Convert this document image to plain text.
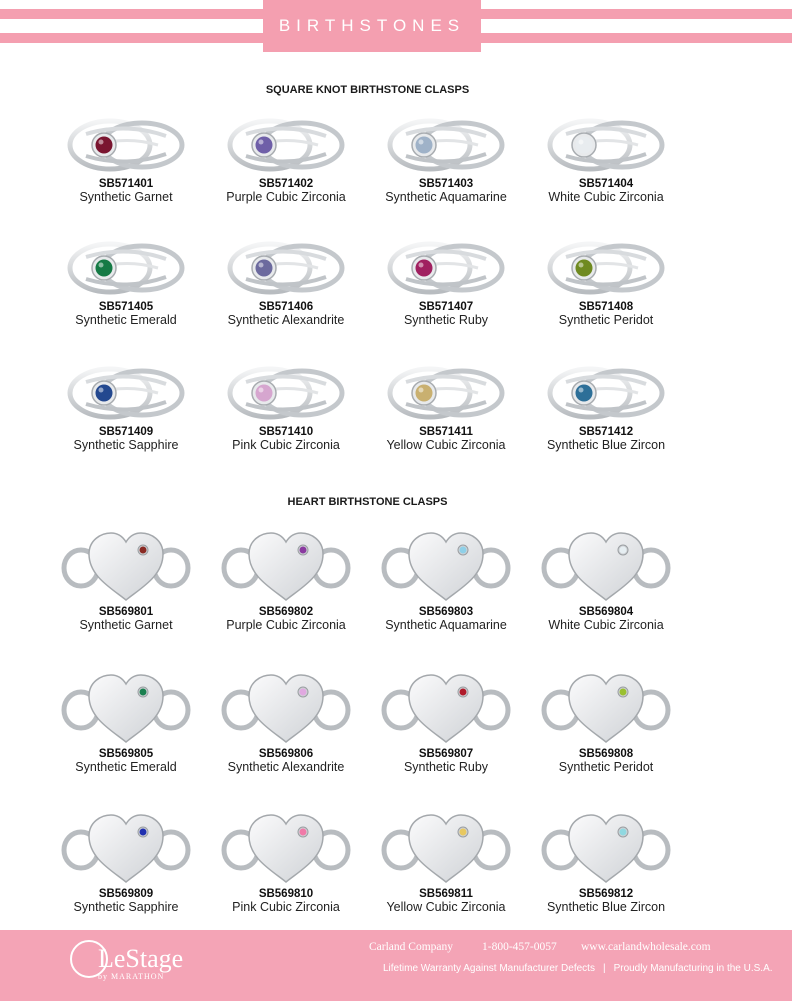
BIRTHSTONES
SQUARE KNOT BIRTHSTONE CLASPS
HEART BIRTHSTONE CLASPS
SB571401
Synthetic Garnet
SB571402
Purple Cubic Zirconia
SB571403
Synthetic Aquamarine
SB571404
White Cubic Zirconia
SB571405
Synthetic Emerald
SB571406
Synthetic Alexandrite
SB571407
Synthetic Ruby
SB571408
Synthetic Peridot
SB571409
Synthetic Sapphire
SB571410
Pink Cubic Zirconia
SB571411
Yellow Cubic Zirconia
SB571412
Synthetic Blue Zircon
SB569801
Synthetic Garnet
SB569802
Purple Cubic Zirconia
SB569803
Synthetic Aquamarine
SB569804
White Cubic Zirconia
SB569805
Synthetic Emerald
SB569806
Synthetic Alexandrite
SB569807
Synthetic Ruby
SB569808
Synthetic Peridot
SB569809
Synthetic Sapphire
SB569810
Pink Cubic Zirconia
SB569811
Yellow Cubic Zirconia
SB569812
Synthetic Blue Zircon
LeStage
by MARATHON
Carland Company	1-800-457-0057 www.carlandwholesale.com
Lifetime Warranty Against Manufacturer Defects | Proudly Manufacturing in the U.S.A.
